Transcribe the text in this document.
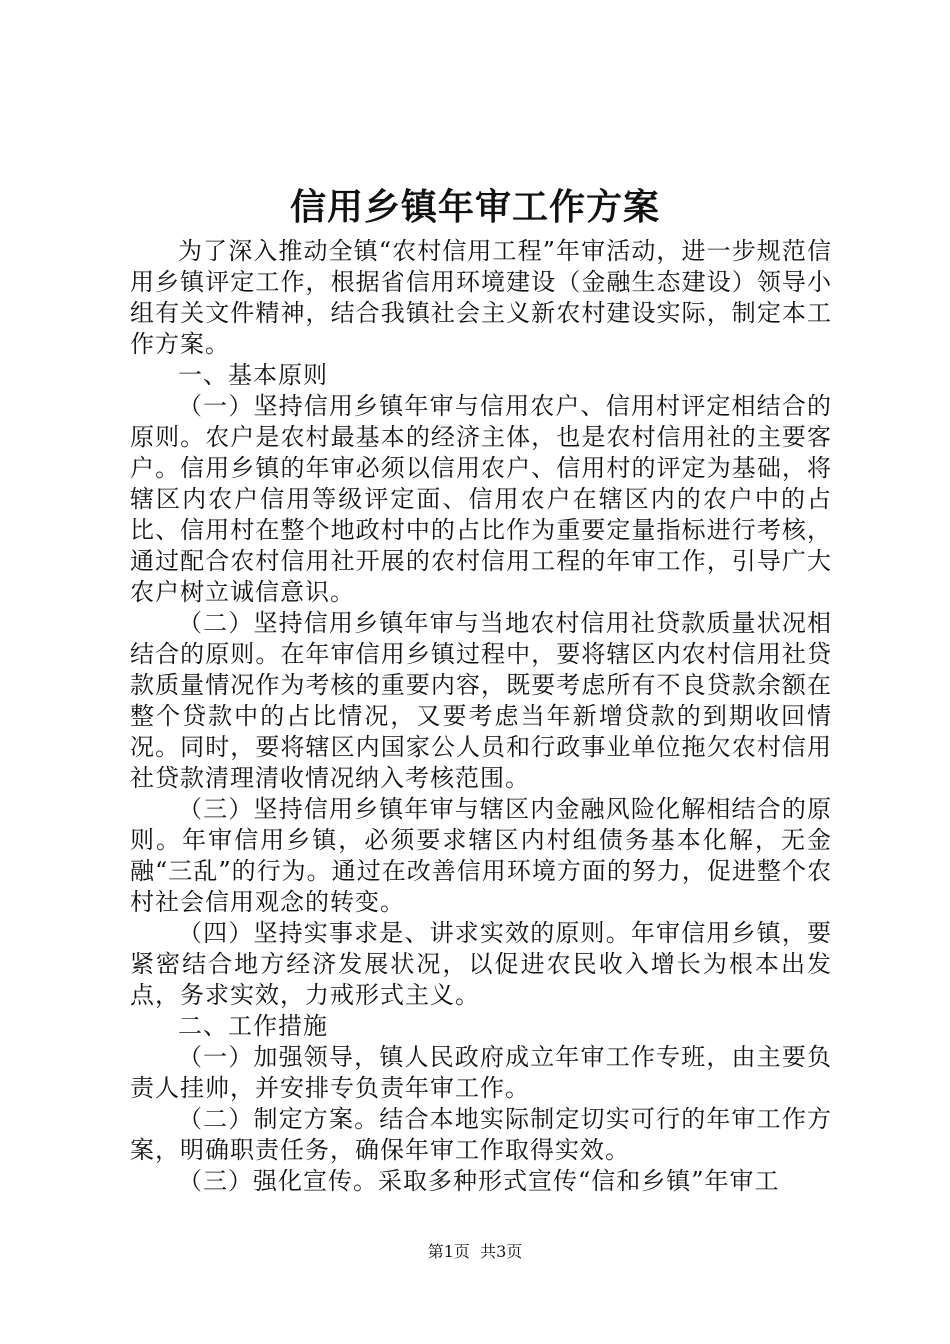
信用乡镇年审工作方案

为了深入推动全镇“农村信用工程”年审活动，进一步规范信用乡镇评定工作，根据省信用环境建设（金融生态建设）领导小组有关文件精神，结合我镇社会主义新农村建设实际，制定本工作方案。

一、基本原则

（一）坚持信用乡镇年审与信用农户、信用村评定相结合的原则。农户是农村最基本的经济主体，也是农村信用社的主要客户。信用乡镇的年审必须以信用农户、信用村的评定为基础，将辖区内农户信用等级评定面、信用农户在辖区内的农户中的占比、信用村在整个地政村中的占比作为重要定量指标进行考核，通过配合农村信用社开展的农村信用工程的年审工作，引导广大农户树立诚信意识。

（二）坚持信用乡镇年审与当地农村信用社贷款质量状况相结合的原则。在年审信用乡镇过程中，要将辖区内农村信用社贷款质量情况作为考核的重要内容，既要考虑所有不良贷款余额在整个贷款中的占比情况，又要考虑当年新增贷款的到期收回情况。同时，要将辖区内国家公人员和行政事业单位拖欠农村信用社贷款清理清收情况纳入考核范围。

（三）坚持信用乡镇年审与辖区内金融风险化解相结合的原则。年审信用乡镇，必须要求辖区内村组债务基本化解，无金融“三乱”的行为。通过在改善信用环境方面的努力，促进整个农村社会信用观念的转变。

（四）坚持实事求是、讲求实效的原则。年审信用乡镇，要紧密结合地方经济发展状况，以促进农民收入增长为根本出发点，务求实效，力戒形式主义。

二、工作措施

（一）加强领导，镇人民政府成立年审工作专班，由主要负责人挂帅，并安排专负责年审工作。

（二）制定方案。结合本地实际制定切实可行的年审工作方案，明确职责任务，确保年审工作取得实效。

（三）强化宣传。采取多种形式宣传“信和乡镇”年审工

第1页 共3页
